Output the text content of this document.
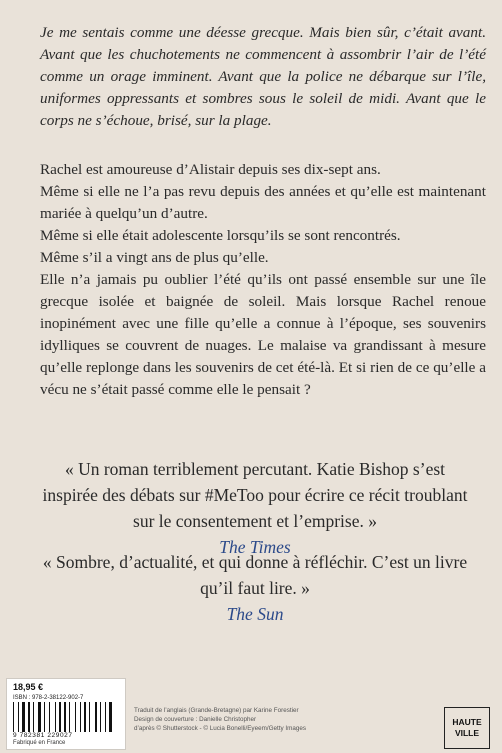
Je me sentais comme une déesse grecque. Mais bien sûr, c’était avant. Avant que les chuchotements ne commencent à assombrir l’air de l’été comme un orage imminent. Avant que la police ne débarque sur l’île, uniformes oppressants et sombres sous le soleil de midi. Avant que le corps ne s’échoue, brisé, sur la plage.

Rachel est amoureuse d’Alistair depuis ses dix-sept ans.

Même si elle ne l’a pas revu depuis des années et qu’elle est maintenant mariée à quelqu’un d’autre.

Même si elle était adolescente lorsqu’ils se sont rencontrés.

Même s’il a vingt ans de plus qu’elle.

Elle n’a jamais pu oublier l’été qu’ils ont passé ensemble sur une île grecque isolée et baignée de soleil. Mais lorsque Rachel renoue inopinément avec une fille qu’elle a connue à l’époque, ses souvenirs idylliques se couvrent de nuages. Le malaise va grandissant à mesure qu’elle replonge dans les souvenirs de cet été-là. Et si rien de ce qu’elle a vécu ne s’était passé comme elle le pensait ?

« Un roman terriblement percutant. Katie Bishop s’est inspirée des débats sur #MeToo pour écrire ce récit troublant sur le consentement et l’emprise. »
The Times
« Sombre, d’actualité, et qui donne à réfléchir. C’est un livre qu’il faut lire. »
The Sun
18,95 €
ISBN : 978-2-38122-902-7
9 782381 229027
Fabriqué en France
Traduit de l’anglais (Grande-Bretagne) par Karine Forestier
Design de couverture : Danielle Christopher
d’après © Shutterstock - © Lucia Bonelli/Eyeem/Getty Images
HAUTE
VILLE
